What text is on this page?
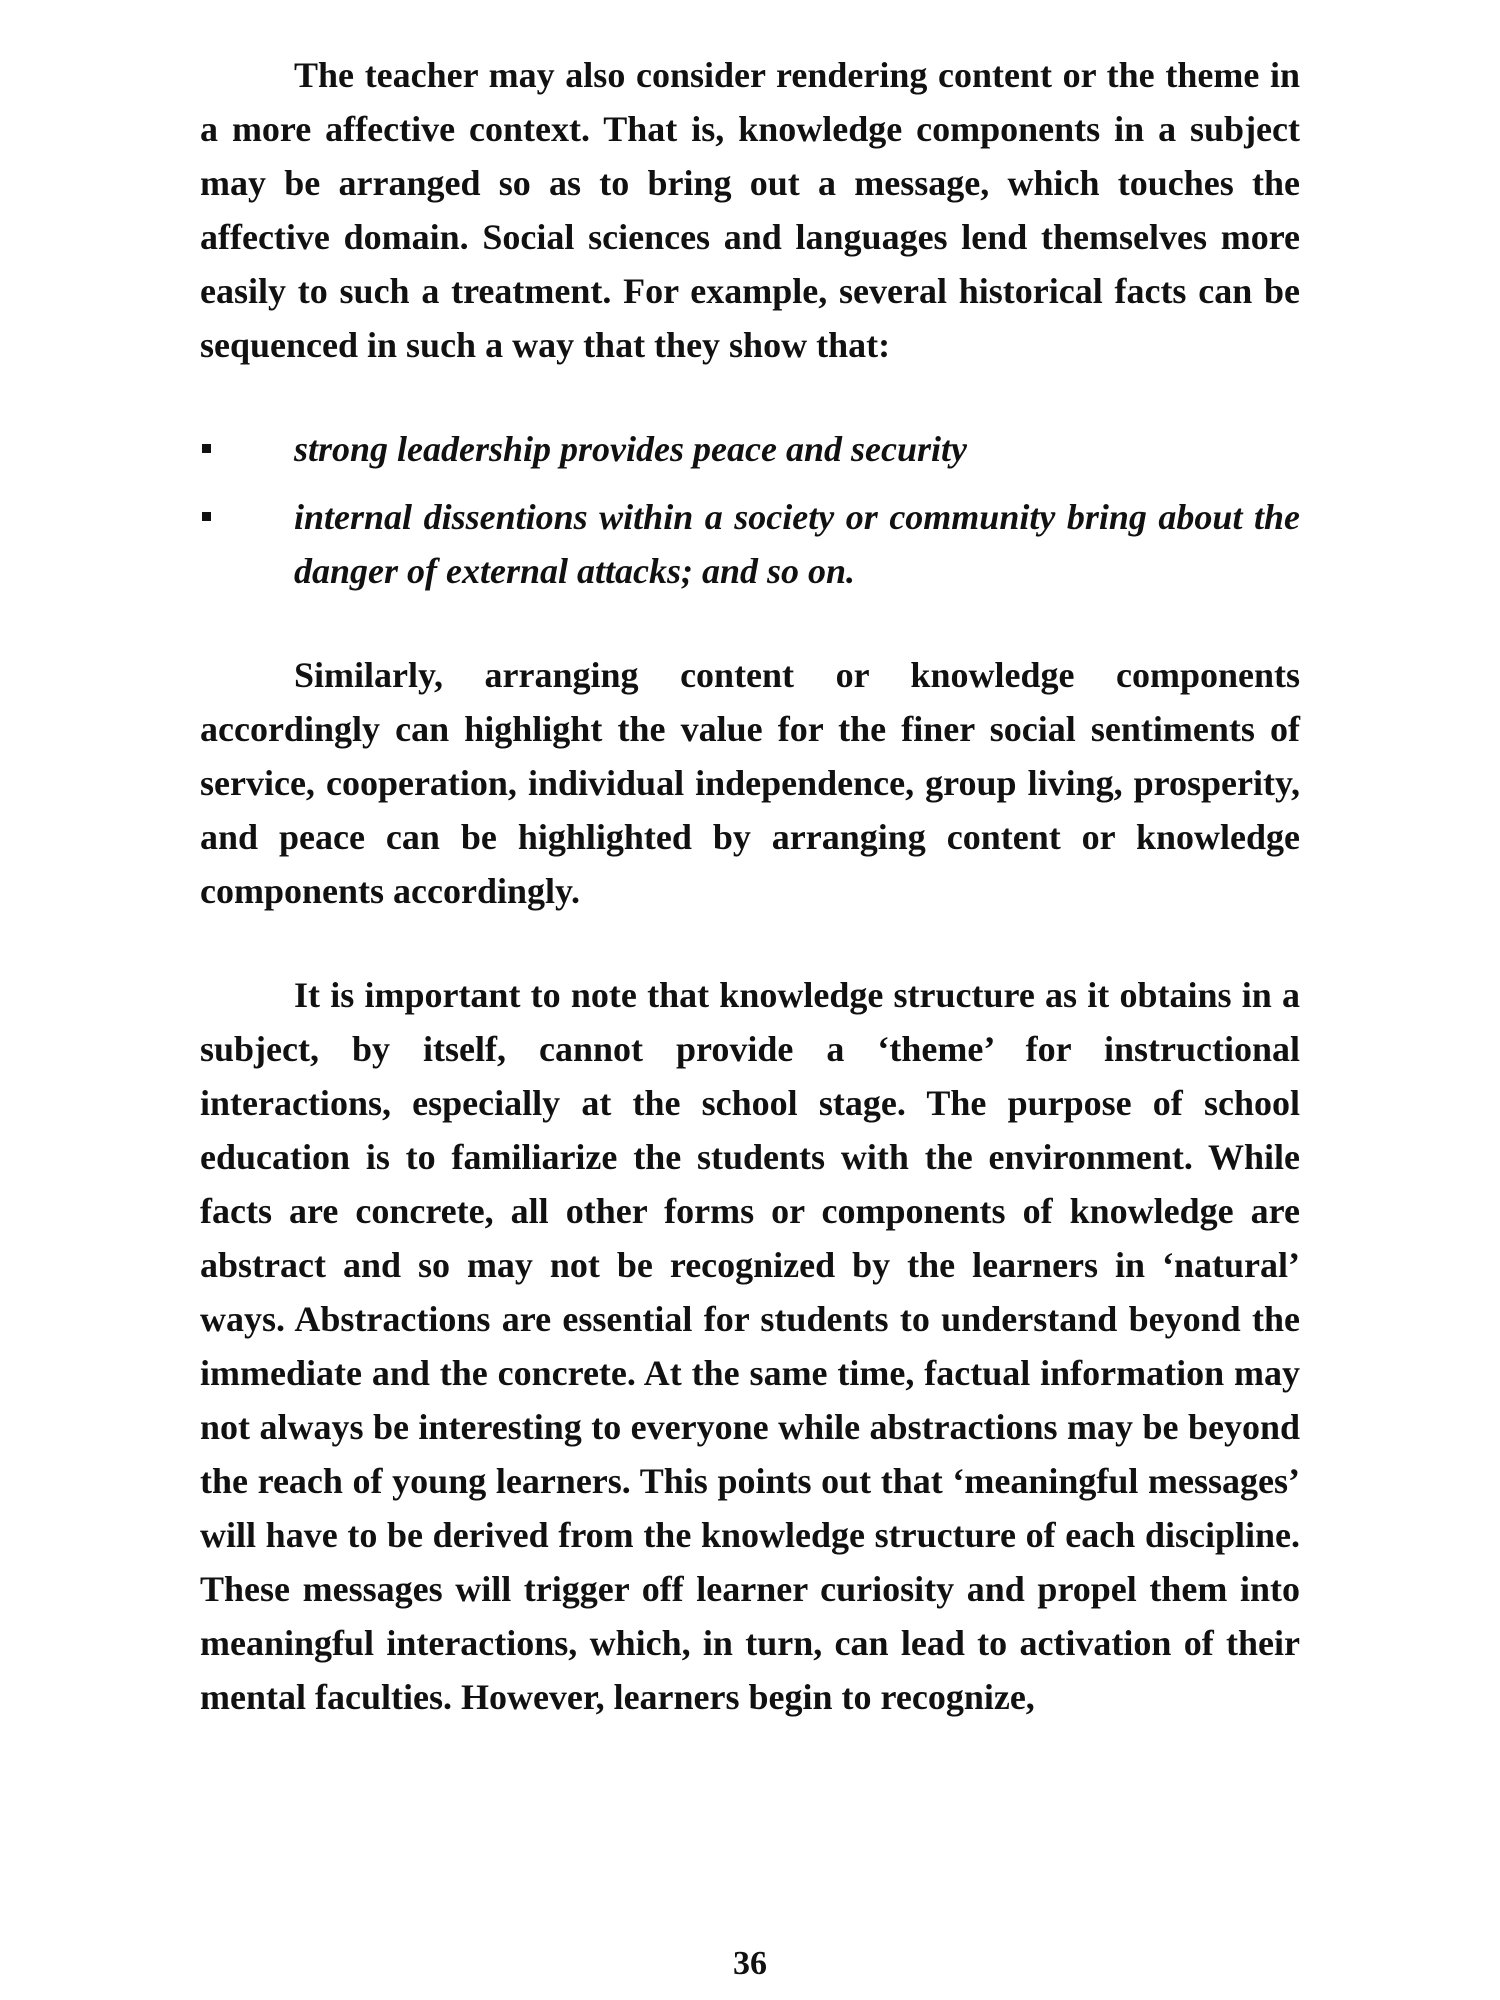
The teacher may also consider rendering content or the theme in a more affective context. That is, knowledge components in a subject may be arranged so as to bring out a message, which touches the affective domain. Social sciences and languages lend themselves more easily to such a treatment. For example, several historical facts can be sequenced in such a way that they show that:

strong leadership provides peace and security
internal dissentions within a society or community bring about the danger of external attacks; and so on.

Similarly, arranging content or knowledge components accordingly can highlight the value for the finer social sentiments of service, cooperation, individual independence, group living, prosperity, and peace can be highlighted by arranging content or knowledge components accordingly.

It is important to note that knowledge structure as it obtains in a subject, by itself, cannot provide a ‘theme’ for instructional interactions, especially at the school stage. The purpose of school education is to familiarize the students with the environment. While facts are concrete, all other forms or components of knowledge are abstract and so may not be recognized by the learners in ‘natural’ ways. Abstractions are essential for students to understand beyond the immediate and the concrete. At the same time, factual information may not always be interesting to everyone while abstractions may be beyond the reach of young learners. This points out that ‘meaningful messages’ will have to be derived from the knowledge structure of each discipline. These messages will trigger off learner curiosity and propel them into meaningful interactions, which, in turn, can lead to activation of their mental faculties. However, learners begin to recognize,

36
